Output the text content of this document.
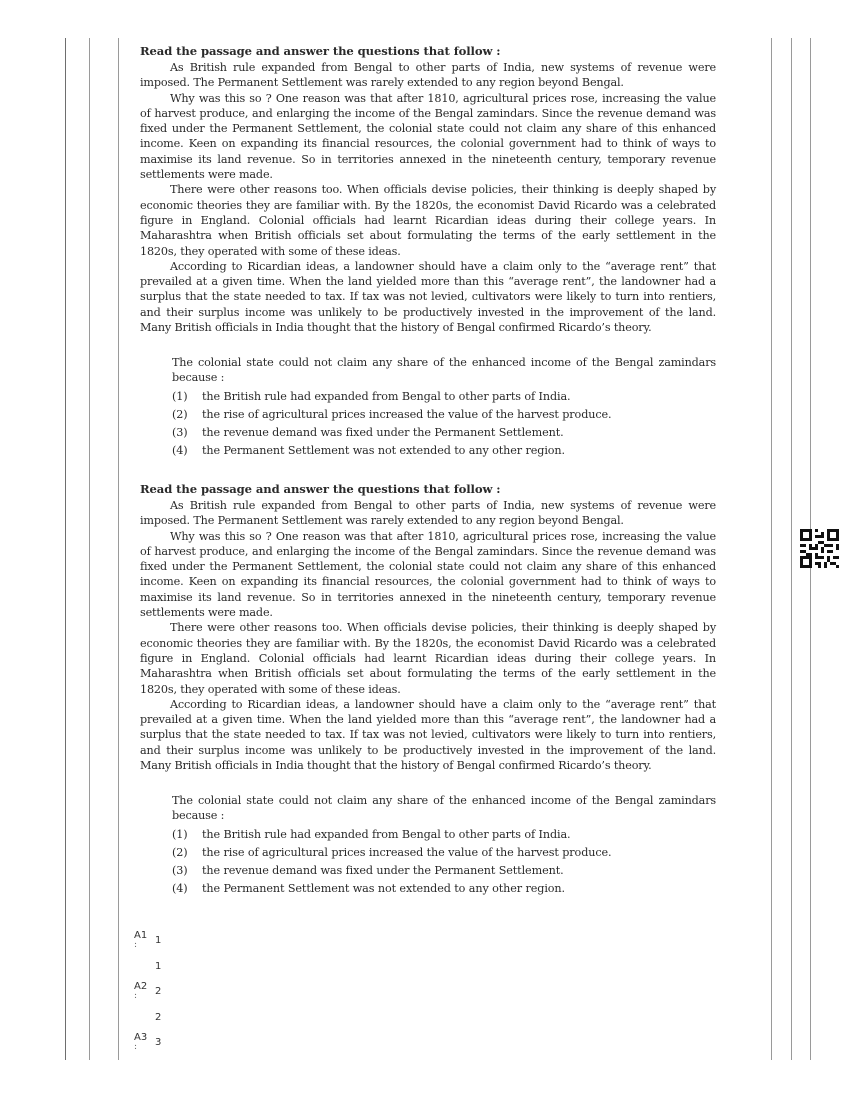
Read the passage and answer the questions that follow :

As British rule expanded from Bengal to other parts of India, new systems of revenue were imposed. The Permanent Settlement was rarely extended to any region beyond Bengal.

Why was this so ? One reason was that after 1810, agricultural prices rose, increasing the value of harvest produce, and enlarging the income of the Bengal zamindars. Since the revenue demand was fixed under the Permanent Settlement, the colonial state could not claim any share of this enhanced income. Keen on expanding its financial resources, the colonial government had to think of ways to maximise its land revenue. So in territories annexed in the nineteenth century, temporary revenue settlements were made.

There were other reasons too. When officials devise policies, their thinking is deeply shaped by economic theories they are familiar with. By the 1820s, the economist David Ricardo was a celebrated figure in England. Colonial officials had learnt Ricardian ideas during their college years. In Maharashtra when British officials set about formulating the terms of the early settlement in the 1820s, they operated with some of these ideas.

According to Ricardian ideas, a landowner should have a claim only to the “average rent” that prevailed at a given time. When the land yielded more than this “average rent”, the landowner had a surplus that the state needed to tax. If tax was not levied, cultivators were likely to turn into rentiers, and their surplus income was unlikely to be productively invested in the improvement of the land. Many British officials in India thought that the history of Bengal confirmed Ricardo’s theory.

The colonial state could not claim any share of the enhanced income of the Bengal zamindars because :

(1)	the British rule had expanded from Bengal to other parts of India.
(2)	the rise of agricultural prices increased the value of the harvest produce.
(3)	the revenue demand was fixed under the Permanent Settlement.
(4)	the Permanent Settlement was not extended to any other region.

Read the passage and answer the questions that follow :

As British rule expanded from Bengal to other parts of India, new systems of revenue were imposed. The Permanent Settlement was rarely extended to any region beyond Bengal.

Why was this so ? One reason was that after 1810, agricultural prices rose, increasing the value of harvest produce, and enlarging the income of the Bengal zamindars. Since the revenue demand was fixed under the Permanent Settlement, the colonial state could not claim any share of this enhanced income. Keen on expanding its financial resources, the colonial government had to think of ways to maximise its land revenue. So in territories annexed in the nineteenth century, temporary revenue settlements were made.

There were other reasons too. When officials devise policies, their thinking is deeply shaped by economic theories they are familiar with. By the 1820s, the economist David Ricardo was a celebrated figure in England. Colonial officials had learnt Ricardian ideas during their college years. In Maharashtra when British officials set about formulating the terms of the early settlement in the 1820s, they operated with some of these ideas.

According to Ricardian ideas, a landowner should have a claim only to the “average rent” that prevailed at a given time. When the land yielded more than this “average rent”, the landowner had a surplus that the state needed to tax. If tax was not levied, cultivators were likely to turn into rentiers, and their surplus income was unlikely to be productively invested in the improvement of the land. Many British officials in India thought that the history of Bengal confirmed Ricardo’s theory.

The colonial state could not claim any share of the enhanced income of the Bengal zamindars because :

(1)	the British rule had expanded from Bengal to other parts of India.
(2)	the rise of agricultural prices increased the value of the harvest produce.
(3)	the revenue demand was fixed under the Permanent Settlement.
(4)	the Permanent Settlement was not extended to any other region.
A1
: 1
1
A2
: 2
2
A3
: 3
